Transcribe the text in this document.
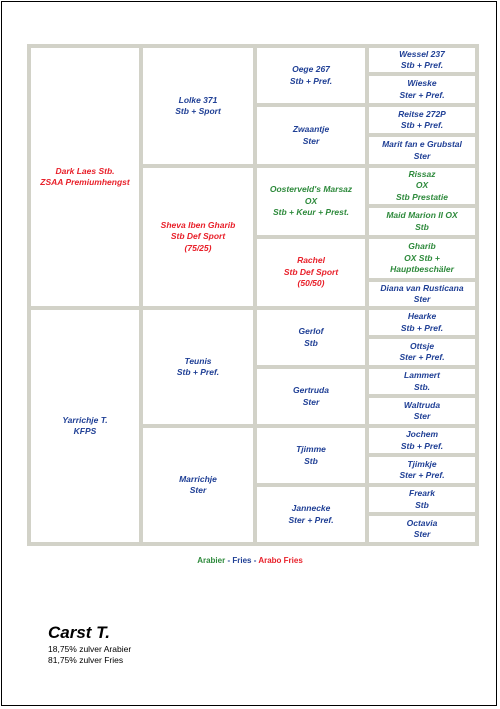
Dark Laes Stb.
ZSAA Premiumhengst
Yarrichje T.
KFPS
Lolke 371
Stb + Sport
Sheva Iben Gharib
Stb Def Sport
(75/25)
Teunis
Stb + Pref.
Marrichje
Ster
Oege 267
Stb + Pref.
Zwaantje
Ster
Oosterveld's Marsaz
OX
Stb + Keur + Prest.
Rachel
Stb Def Sport
(50/50)
Gerlof
Stb
Gertruda
Ster
Tjimme
Stb
Jannecke
Ster + Pref.
Wessel 237
Stb + Pref.
Wieske
Ster + Pref.
Reitse 272P
Stb + Pref.
Marit fan e Grubstal
Ster
Rissaz
OX
Stb Prestatie
Maid Marion II OX
Stb
Gharib
OX Stb +
Hauptbeschäler
Diana van Rusticana
Ster
Hearke
Stb + Pref.
Ottsje
Ster + Pref.
Lammert
Stb.
Waltruda
Ster
Jochem
Stb + Pref.
Tjimkje
Ster + Pref.
Freark
Stb
Octavia
Ster
Arabier - Fries - Arabo Fries
Carst T.
18,75% zulver Arabier
81,75% zulver Fries
